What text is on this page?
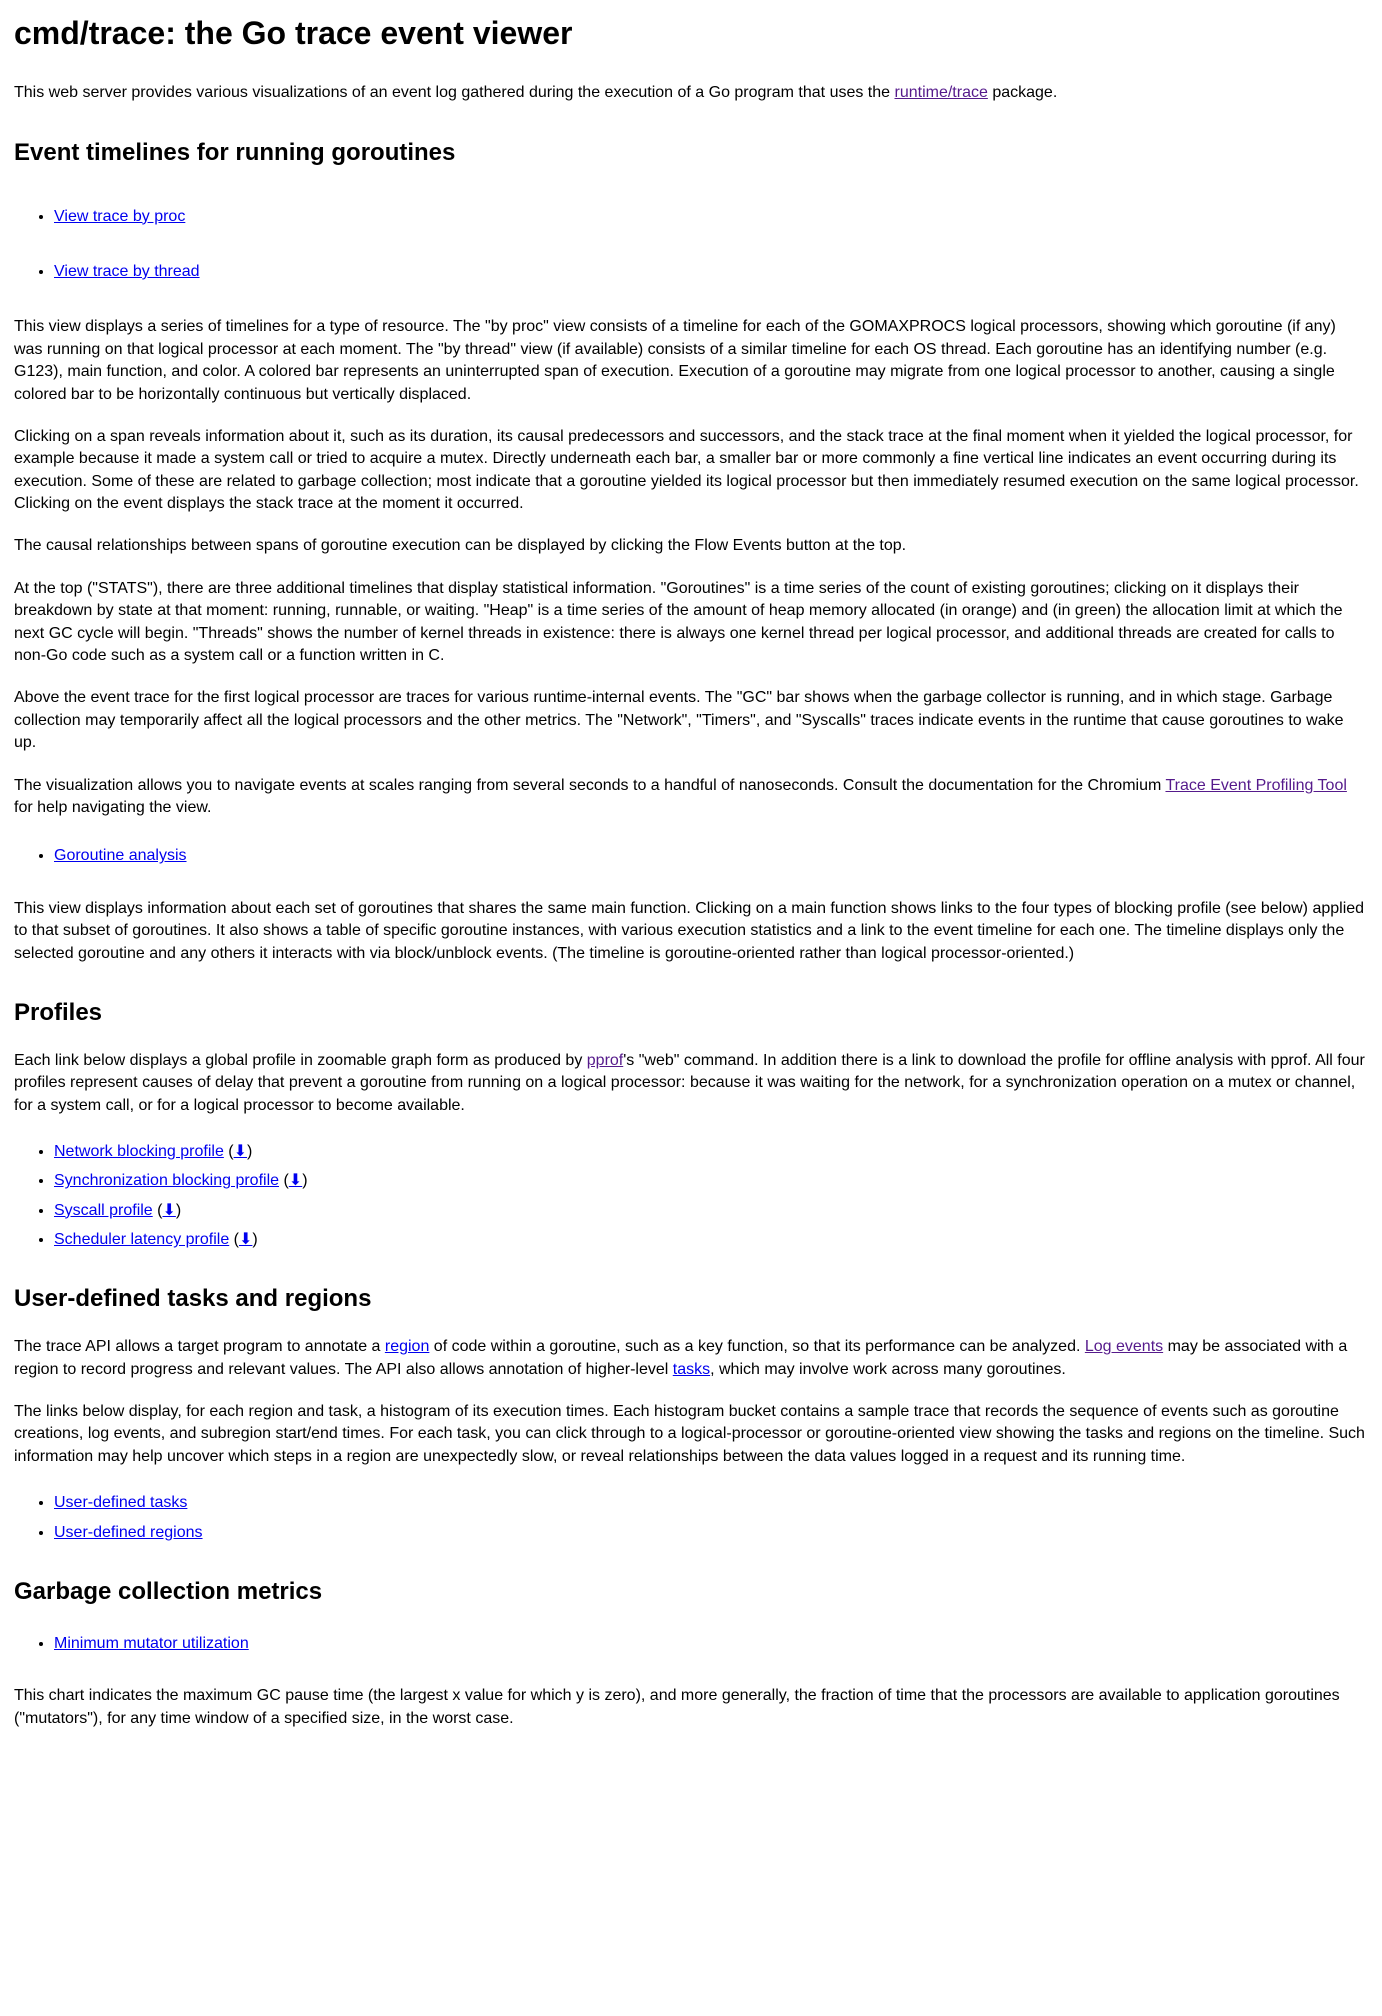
cmd/trace: the Go trace event viewer

This web server provides various visualizations of an event log gathered during the execution of a Go program that uses the runtime/trace package.

Event timelines for running goroutines
• View trace by proc
• View trace by thread

This view displays a series of timelines for a type of resource. The "by proc" view consists of a timeline for each of the GOMAXPROCS logical processors, showing which goroutine (if any) was running on that logical processor at each moment. The "by thread" view (if available) consists of a similar timeline for each OS thread. Each goroutine has an identifying number (e.g. G123), main function, and color. A colored bar represents an uninterrupted span of execution. Execution of a goroutine may migrate from one logical processor to another, causing a single colored bar to be horizontally continuous but vertically displaced.

Clicking on a span reveals information about it, such as its duration, its causal predecessors and successors, and the stack trace at the final moment when it yielded the logical processor, for example because it made a system call or tried to acquire a mutex. Directly underneath each bar, a smaller bar or more commonly a fine vertical line indicates an event occurring during its execution. Some of these are related to garbage collection; most indicate that a goroutine yielded its logical processor but then immediately resumed execution on the same logical processor. Clicking on the event displays the stack trace at the moment it occurred.

The causal relationships between spans of goroutine execution can be displayed by clicking the Flow Events button at the top.

At the top ("STATS"), there are three additional timelines that display statistical information. "Goroutines" is a time series of the count of existing goroutines; clicking on it displays their breakdown by state at that moment: running, runnable, or waiting. "Heap" is a time series of the amount of heap memory allocated (in orange) and (in green) the allocation limit at which the next GC cycle will begin. "Threads" shows the number of kernel threads in existence: there is always one kernel thread per logical processor, and additional threads are created for calls to non-Go code such as a system call or a function written in C.

Above the event trace for the first logical processor are traces for various runtime-internal events. The "GC" bar shows when the garbage collector is running, and in which stage. Garbage collection may temporarily affect all the logical processors and the other metrics. The "Network", "Timers", and "Syscalls" traces indicate events in the runtime that cause goroutines to wake up.

The visualization allows you to navigate events at scales ranging from several seconds to a handful of nanoseconds. Consult the documentation for the Chromium Trace Event Profiling Tool for help navigating the view.

• Goroutine analysis

This view displays information about each set of goroutines that shares the same main function. Clicking on a main function shows links to the four types of blocking profile (see below) applied to that subset of goroutines. It also shows a table of specific goroutine instances, with various execution statistics and a link to the event timeline for each one. The timeline displays only the selected goroutine and any others it interacts with via block/unblock events. (The timeline is goroutine-oriented rather than logical processor-oriented.)

Profiles

Each link below displays a global profile in zoomable graph form as produced by pprof's "web" command. In addition there is a link to download the profile for offline analysis with pprof. All four profiles represent causes of delay that prevent a goroutine from running on a logical processor: because it was waiting for the network, for a synchronization operation on a mutex or channel, for a system call, or for a logical processor to become available.

• Network blocking profile (⬇)
• Synchronization blocking profile (⬇)
• Syscall profile (⬇)
• Scheduler latency profile (⬇)
User-defined tasks and regions

The trace API allows a target program to annotate a region of code within a goroutine, such as a key function, so that its performance can be analyzed. Log events may be associated with a region to record progress and relevant values. The API also allows annotation of higher-level tasks, which may involve work across many goroutines.

The links below display, for each region and task, a histogram of its execution times. Each histogram bucket contains a sample trace that records the sequence of events such as goroutine creations, log events, and subregion start/end times. For each task, you can click through to a logical-processor or goroutine-oriented view showing the tasks and regions on the timeline. Such information may help uncover which steps in a region are unexpectedly slow, or reveal relationships between the data values logged in a request and its running time.

• User-defined tasks
• User-defined regions
Garbage collection metrics
• Minimum mutator utilization

This chart indicates the maximum GC pause time (the largest x value for which y is zero), and more generally, the fraction of time that the processors are available to application goroutines ("mutators"), for any time window of a specified size, in the worst case.
